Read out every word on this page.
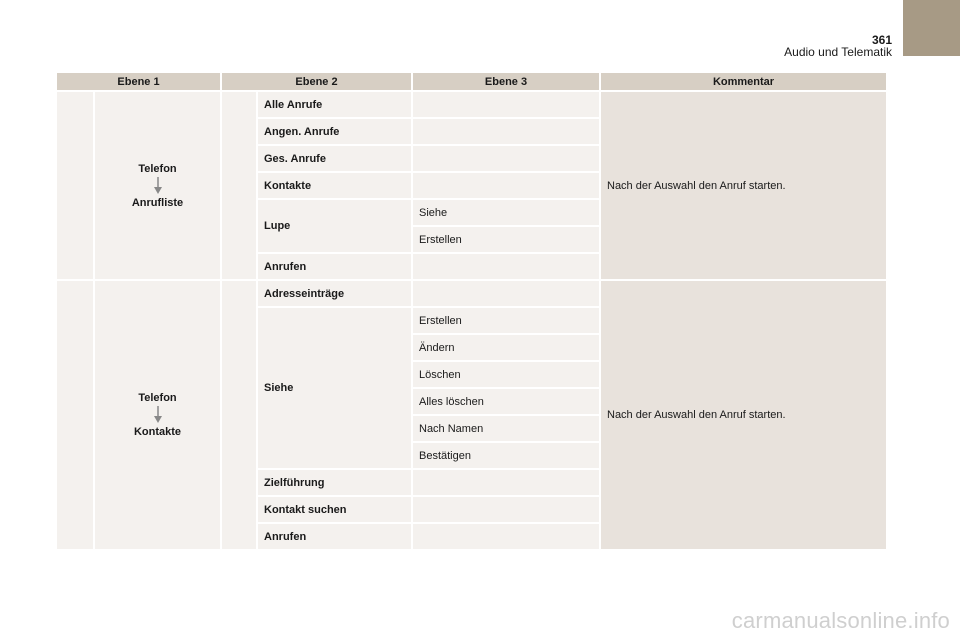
361
Audio und Telematik
Ebene 1		Ebene 2		Ebene 3	Kommentar

	Telefon
Anrufliste		Alle Anrufe		Nach der Auswahl den Anruf starten.
			Angen. Anrufe		
			Ges. Anrufe		
			Kontakte		
			Lupe	Siehe	
				Erstellen	
			Anrufen		

	Telefon
Kontakte		Adresseinträge		Nach der Auswahl den Anruf starten.
			Siehe	Erstellen	
				Ändern	
				Löschen	
				Alles löschen	
				Nach Namen	
				Bestätigen	
			Zielführung		
			Kontakt suchen		
			Anrufen		
carmanualsonline.info
